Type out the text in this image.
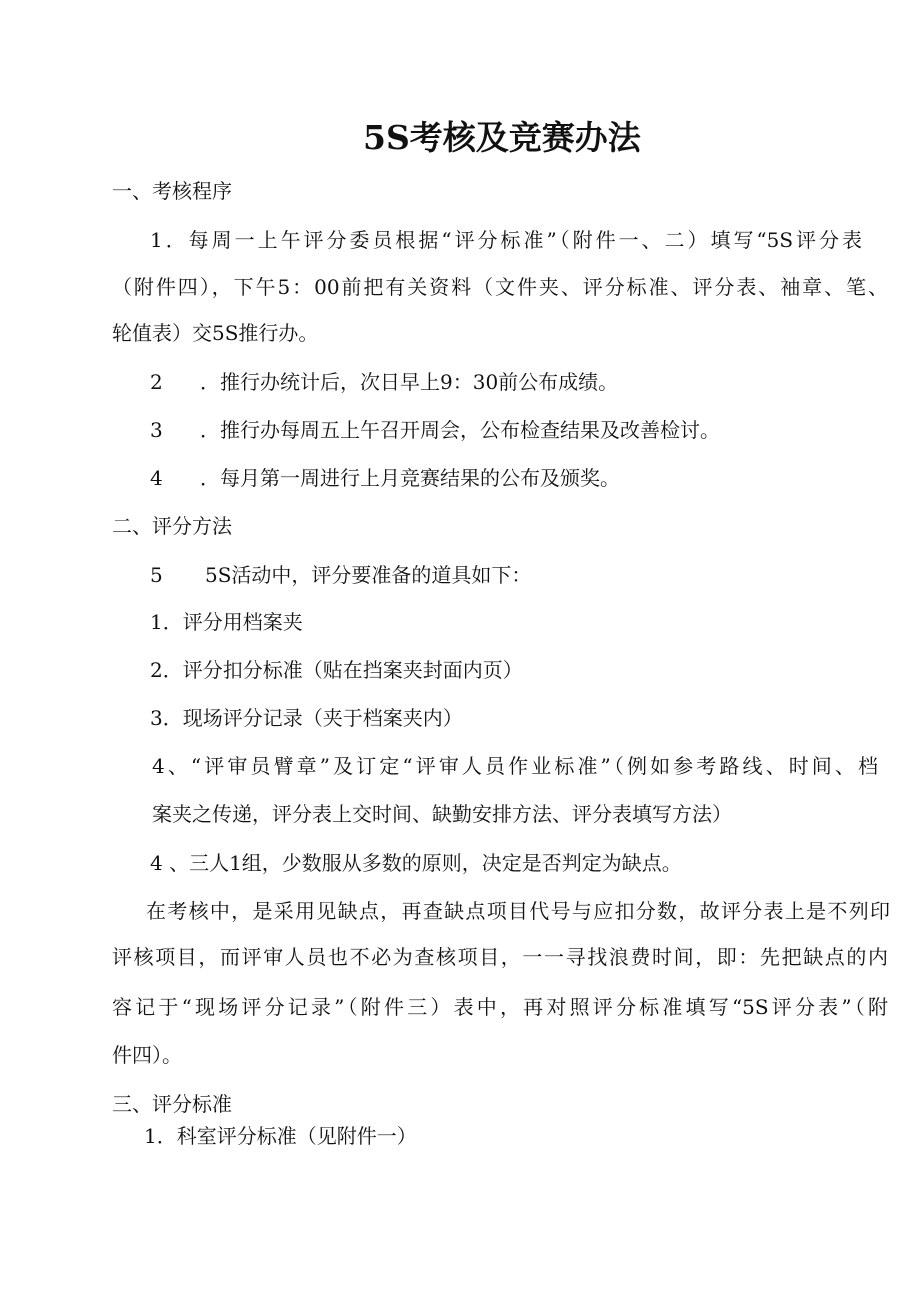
5S考核及竞赛办法
一、考核程序
1．每周一上午评分委员根据“评分标准”（附件一、二）填写“5S评分表
（附件四），下午5：00前把有关资料（文件夹、评分标准、评分表、袖章、笔、
轮值表）交5S推行办。
2 ．推行办统计后，次日早上9：30前公布成绩。
3 ．推行办每周五上午召开周会，公布检查结果及改善检讨。
4 ．每月第一周进行上月竞赛结果的公布及颁奖。
二、评分方法
5 5S活动中，评分要准备的道具如下：
1．评分用档案夹
2．评分扣分标准（贴在挡案夹封面内页）
3．现场评分记录（夹于档案夹内）
4、“评审员臂章”及订定“评审人员作业标准”（例如参考路线、时间、档
案夹之传递，评分表上交时间、缺勤安排方法、评分表填写方法）
4 、三人1组，少数服从多数的原则，决定是否判定为缺点。
在考核中，是采用见缺点，再查缺点项目代号与应扣分数，故评分表上是不列印
评核项目，而评审人员也不必为查核项目，一一寻找浪费时间，即：先把缺点的内
容记于“现场评分记录”（附件三）表中，再对照评分标准填写“5S评分表”（附
件四）。
三、评分标准
1．科室评分标准（见附件一）
